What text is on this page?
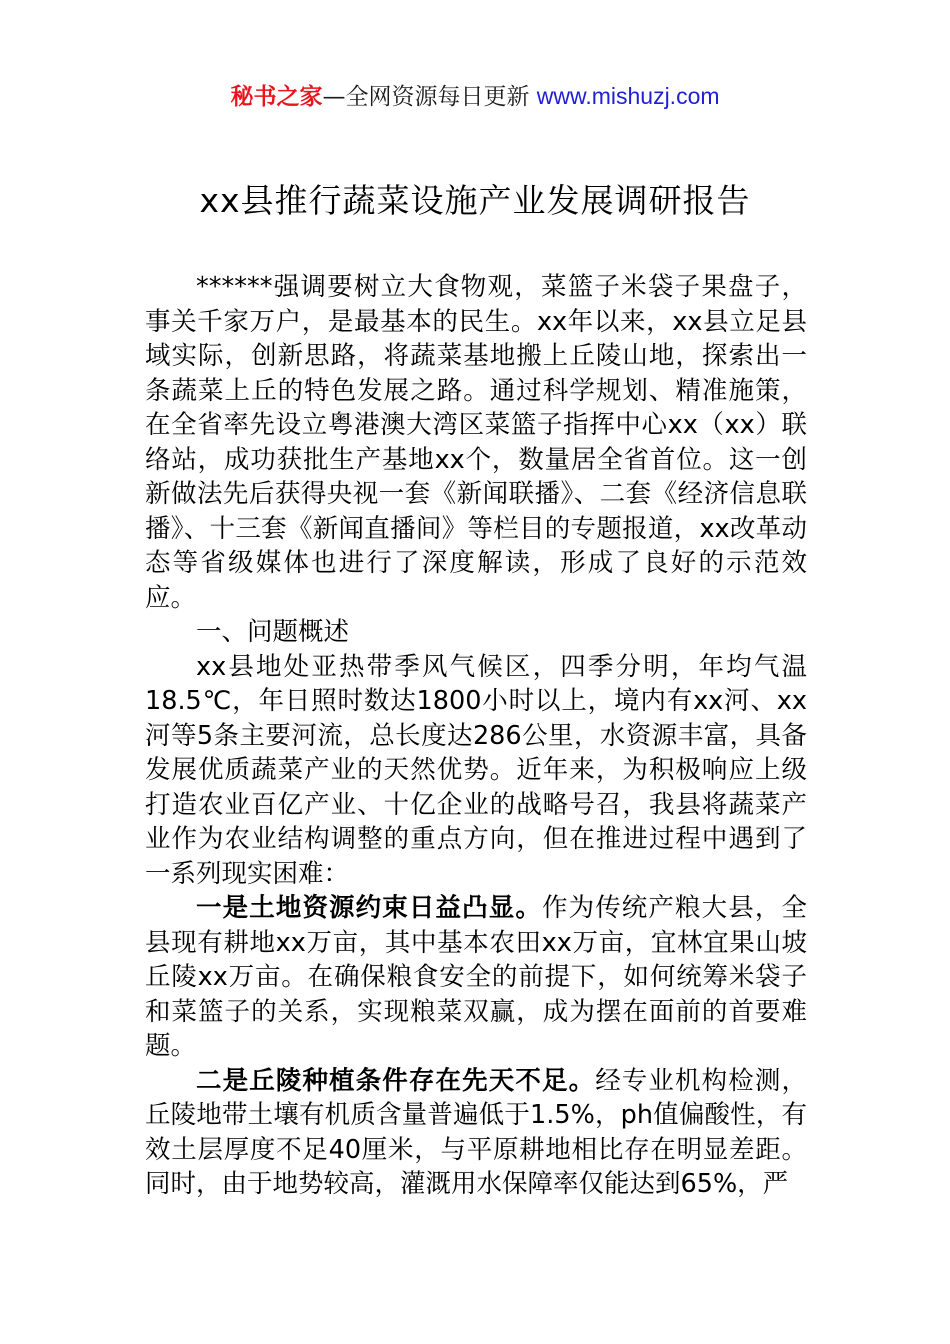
秘书之家—全网资源每日更新 www.mishuzj.com
xx县推行蔬菜设施产业发展调研报告

******强调要树立大食物观，菜篮子米袋子果盘子，事关千家万户，是最基本的民生。xx年以来，xx县立足县域实际，创新思路，将蔬菜基地搬上丘陵山地，探索出一条蔬菜上丘的特色发展之路。通过科学规划、精准施策，在全省率先设立粤港澳大湾区菜篮子指挥中心xx（xx）联络站，成功获批生产基地xx个，数量居全省首位。这一创新做法先后获得央视一套《新闻联播》、二套《经济信息联播》、十三套《新闻直播间》等栏目的专题报道，xx改革动态等省级媒体也进行了深度解读，形成了良好的示范效应。

一、问题概述

xx县地处亚热带季风气候区，四季分明，年均气温18.5℃，年日照时数达1800小时以上，境内有xx河、xx河等5条主要河流，总长度达286公里，水资源丰富，具备发展优质蔬菜产业的天然优势。近年来，为积极响应上级打造农业百亿产业、十亿企业的战略号召，我县将蔬菜产业作为农业结构调整的重点方向，但在推进过程中遇到了一系列现实困难：

一是土地资源约束日益凸显。作为传统产粮大县，全县现有耕地xx万亩，其中基本农田xx万亩，宜林宜果山坡丘陵xx万亩。在确保粮食安全的前提下，如何统筹米袋子和菜篮子的关系，实现粮菜双赢，成为摆在面前的首要难题。

二是丘陵种植条件存在先天不足。经专业机构检测，丘陵地带土壤有机质含量普遍低于1.5%，ph值偏酸性，有效土层厚度不足40厘米，与平原耕地相比存在明显差距。同时，由于地势较高，灌溉用水保障率仅能达到65%，严
